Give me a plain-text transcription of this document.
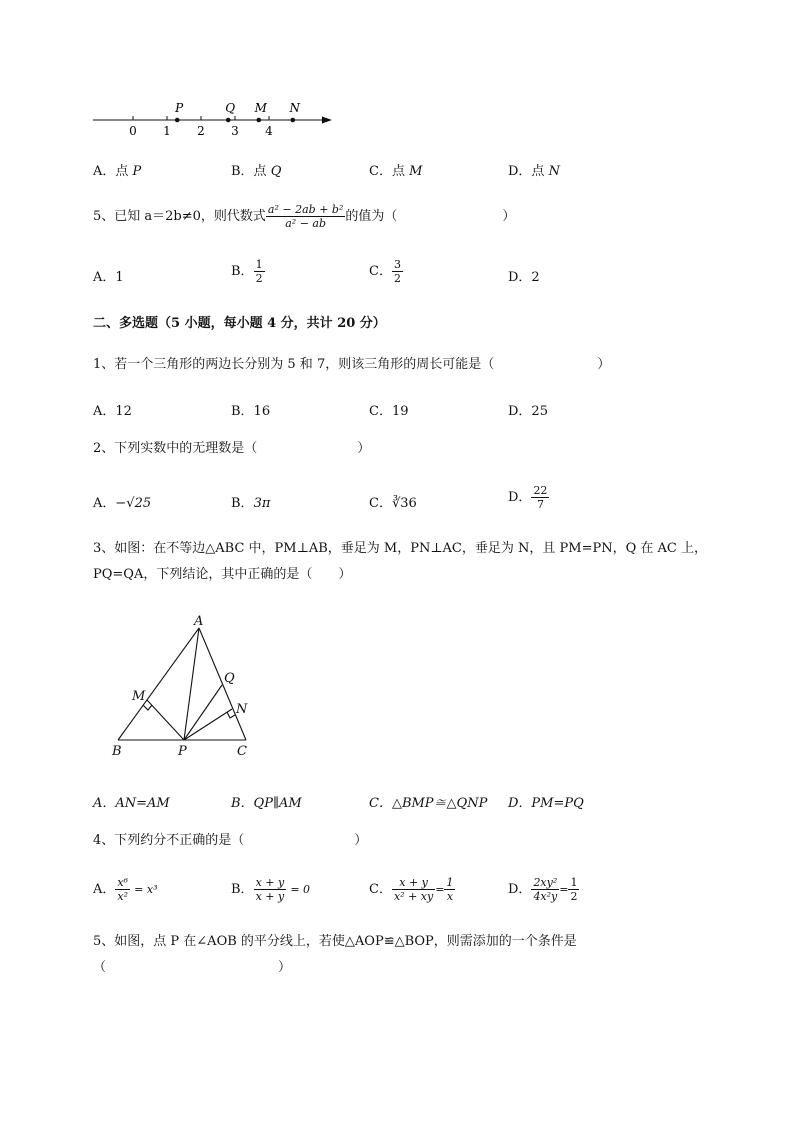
0 1 2 3 4
P	Q M N
A．点 P	B．点 Q	C．点 M	D．点 N
5、已知 a＝2b≠0，则代数式 $\frac{\text{a² − 2ab + b²}}{\text{a² − ab}}$ 的值为（	）
A．1	B． $\frac{1}{2}$	C． $\frac{3}{2}$	D．2
二、多选题（5 小题，每小题 4 分，共计 20 分）
1、若一个三角形的两边长分别为 5 和 7，则该三角形的周长可能是（	）
A．12	B．16	C．19	D．25
2、下列实数中的无理数是（	）
A．−√25	B．3π	C．∛36	D． $\frac{22}{7}$
3、如图：在不等边△ABC 中，PM⊥AB，垂足为 M，PN⊥AC，垂足为 N，且 PM=PN，Q 在 AC 上，
PQ=QA，下列结论，其中正确的是（　　）
A
M
Q
N
B	P	C
A．AN=AM	B．QP∥AM	C．△BMP≅△QNP D．PM=PQ
4、下列约分不正确的是（	）
A． $\frac{\text{x⁶}}{\text{x²}} = x^3$	B． $\frac{x + y}{x + y} = 0$	C． $\frac{x + y}{\text{x² + xy}} = \frac{1}{x}$	D． $\frac{\text{2xy²}}{\text{4x²y}} = \frac{1}{2}$
5、如图，点 P 在∠AOB 的平分线上，若使△AOP≌△BOP，则需添加的一个条件是
（	）
